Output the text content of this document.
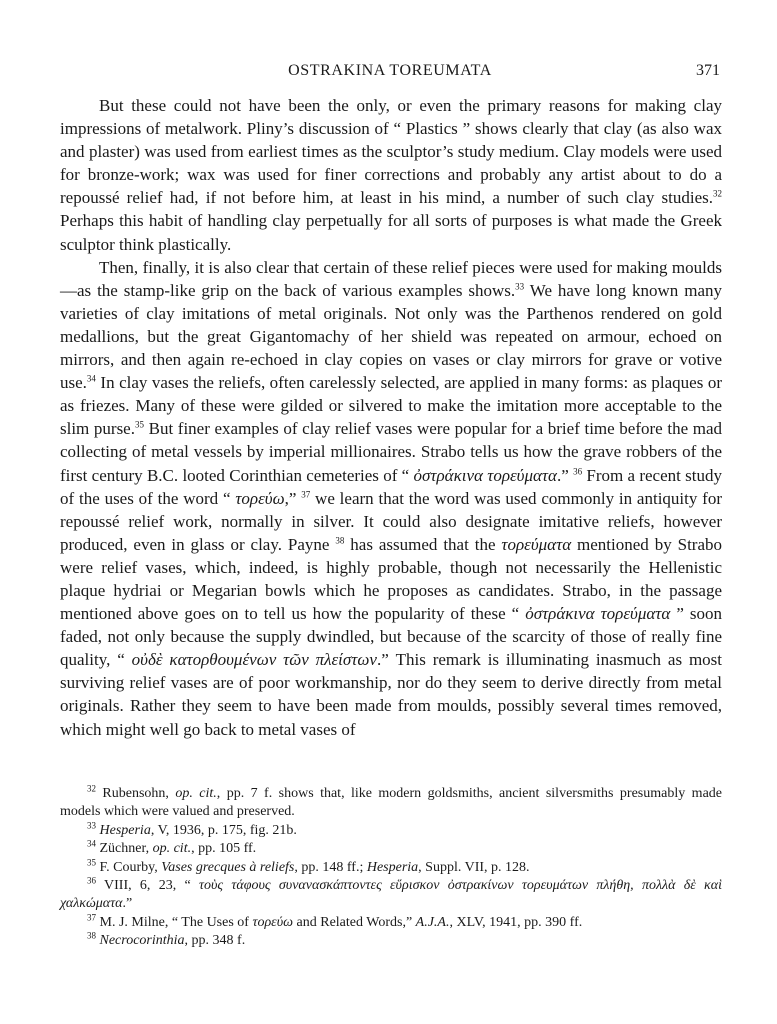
OSTRAKINA TOREUMATA	371

But these could not have been the only, or even the primary reasons for making clay impressions of metalwork. Pliny’s discussion of “ Plastics ” shows clearly that clay (as also wax and plaster) was used from earliest times as the sculptor’s study medium. Clay models were used for bronze-work; wax was used for finer corrections and probably any artist about to do a repoussé relief had, if not before him, at least in his mind, a number of such clay studies.$^{32}$ Perhaps this habit of handling clay perpetually for all sorts of purposes is what made the Greek sculptor think plastically.

Then, finally, it is also clear that certain of these relief pieces were used for making moulds—as the stamp-like grip on the back of various examples shows.$^{33}$ We have long known many varieties of clay imitations of metal originals. Not only was the Parthenos rendered on gold medallions, but the great Gigantomachy of her shield was repeated on armour, echoed on mirrors, and then again re-echoed in clay copies on vases or clay mirrors for grave or votive use.$^{34}$ In clay vases the reliefs, often carelessly selected, are applied in many forms: as plaques or as friezes. Many of these were gilded or silvered to make the imitation more acceptable to the slim purse.$^{35}$ But finer examples of clay relief vases were popular for a brief time before the mad collecting of metal vessels by imperial millionaires. Strabo tells us how the grave robbers of the first century B.C. looted Corinthian cemeteries of “ ὀστράκινα τορεύματα.” $^{36}$ From a recent study of the uses of the word “ τορεύω,” $^{37}$ we learn that the word was used commonly in antiquity for repoussé relief work, normally in silver. It could also designate imitative reliefs, however produced, even in glass or clay. Payne $^{38}$ has assumed that the τορεύματα mentioned by Strabo were relief vases, which, indeed, is highly probable, though not necessarily the Hellenistic plaque hydriai or Megarian bowls which he proposes as candidates. Strabo, in the passage mentioned above goes on to tell us how the popularity of these “ ὀστράκινα τορεύματα ” soon faded, not only because the supply dwindled, but because of the scarcity of those of really fine quality, “ οὐδὲ κατορθουμένων τῶν πλείστων.” This remark is illuminating inasmuch as most surviving relief vases are of poor workmanship, nor do they seem to derive directly from metal originals. Rather they seem to have been made from moulds, possibly several times removed, which might well go back to metal vases of

$^{32}$ Rubensohn, op. cit., pp. 7 f. shows that, like modern goldsmiths, ancient silversmiths presumably made models which were valued and preserved.

$^{33}$ Hesperia, V, 1936, p. 175, fig. 21b.

$^{34}$ Züchner, op. cit., pp. 105 ff.

$^{35}$ F. Courby, Vases grecques à reliefs, pp. 148 ff.; Hesperia, Suppl. VII, p. 128.

$^{36}$ VIII, 6, 23, “ τοὺς τάφους συνανασκάπτοντες εὕρισκον ὀστρακίνων τορευμάτων πλήθη, πολλὰ δὲ καὶ χαλκώματα.”

$^{37}$ M. J. Milne, “ The Uses of τορεύω and Related Words,” A.J.A., XLV, 1941, pp. 390 ff.

$^{38}$ Necrocorinthia, pp. 348 f.
